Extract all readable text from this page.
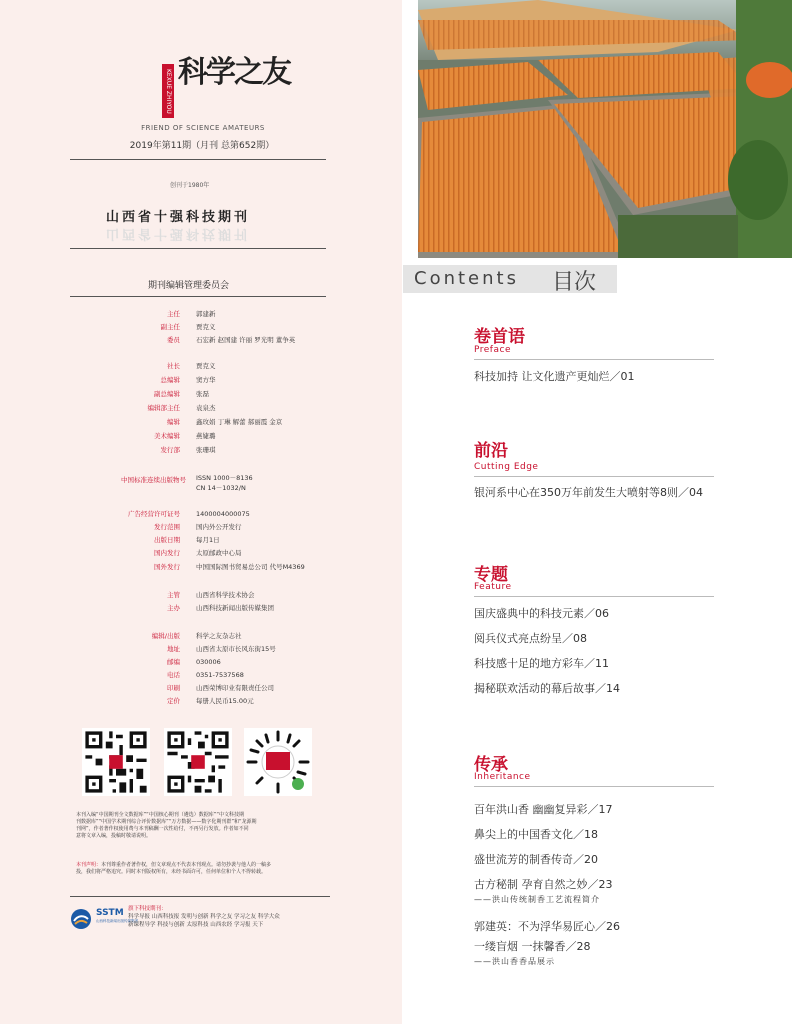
KEXUE ZHIYOU 科学之友
FRIEND OF SCIENCE AMATEURS
2019年第11期（月刊 总第652期）
创刊于1980年
山西省十强科技期刊
山西省十强科技期刊
期刊编辑管理委员会
主任 郭建新
副主任 贾克义
委员 石宏新 赵国建 许丽 罗光明 董争英
社长 贾克义
总编辑 窦方华
副总编辑 张磊
编辑部主任 袁泉杰
编辑 鑫玫娟 丁琳 解蕾 郝丽霞 金京
美术编辑 燕婕璐
发行部 张珊琪
中国标准连续出版物号 ISSN 1000－8136
CN 14－1032/N
广告经营许可证号 1400004000075
发行范围 国内外公开发行
出版日期 每月1日
国内发行 太原邮政中心局
国外发行 中国国际图书贸易总公司 代号M4369
主管 山西省科学技术协会
主办 山西科技新闻出版传媒集团
编辑/出版 科学之友杂志社
地址 山西省太原市长风东街15号
邮编 030006
电话 0351-7537568
印刷 山西荣博印业有限责任公司
定价 每册人民币15.00元
本刊入编“中国期刊全文数据库”“中国核心期刊（遴选）数据库”“中文科技期
刊数据库”“中国学术期刊综合评价数据库”“万方数据——数字化期刊群”和“龙源期
刊网”，作者著作权使用费与本刊稿酬一次性给付，不再另行发放。作者如不同
意将文章入编，投稿时敬请说明。
本刊声明：本刊尊重作者著作权，但文章观点不代表本刊观点。请勿抄袭与他人的一稿多
投，我们将严格追究。同时本刊版权所有，未经书面许可，任何单位和个人不得转载。
SSTM
山西科技新闻出版传媒集团
旗下科技期刊：
科学导报 山西科技报 发明与创新 科学之友 学习之友 科学大众
新课程导学 科技与创新 太原科技 山西农经 学习报 天下
Contents 目次
卷首语
Preface
科技加持 让文化遗产更灿烂／01
前沿
Cutting Edge
银河系中心在350万年前发生大喷射等8则／04
专题
Feature
国庆盛典中的科技元素／06
阅兵仪式亮点纷呈／08
科技感十足的地方彩车／11
揭秘联欢活动的幕后故事／14
传承
Inheritance
百年洪山香 幽幽复异彩／17
鼻尖上的中国香文化／18
盛世流芳的制香传奇／20
古方秘制 孕育自然之妙／23
——洪山传统制香工艺流程简介
郭建英：不为浮华易匠心／26
一缕盲烟 一抹馨香／28
——洪山香香品展示
